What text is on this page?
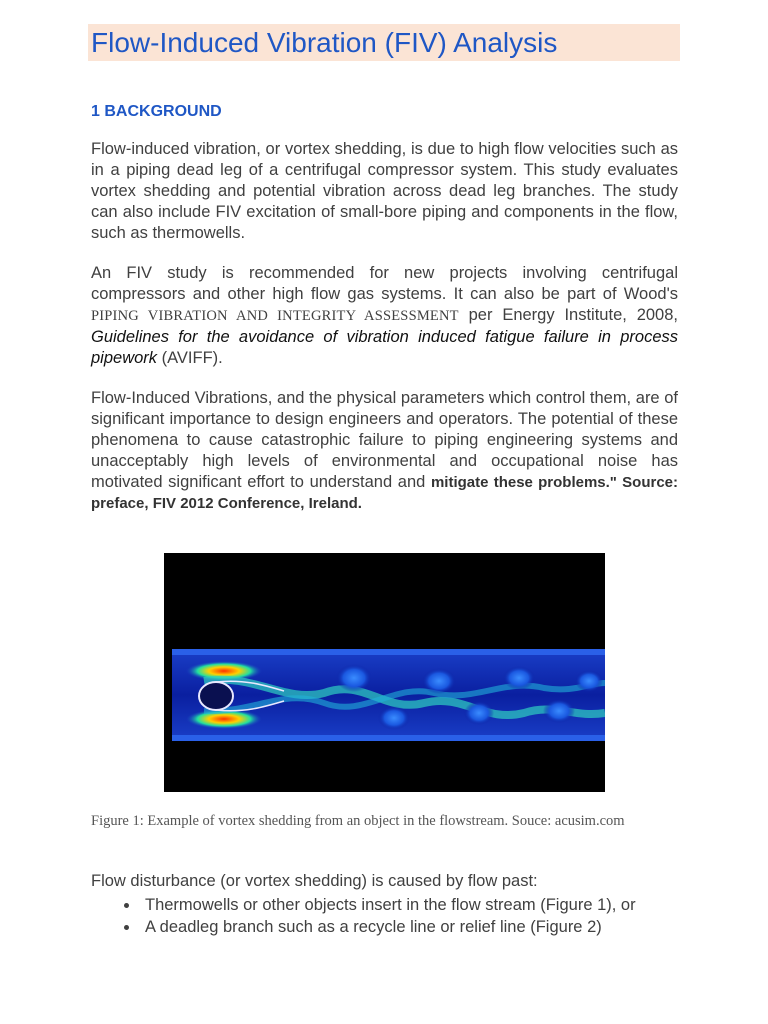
Flow-Induced Vibration (FIV) Analysis
1 BACKGROUND
Flow-induced vibration, or vortex shedding, is due to high flow velocities such as in a piping dead leg of a centrifugal compressor system. This study evaluates vortex shedding and potential vibration across dead leg branches. The study can also include FIV excitation of small-bore piping and components in the flow, such as thermowells.
An FIV study is recommended for new projects involving centrifugal compressors and other high flow gas systems. It can also be part of Wood's PIPING VIBRATION AND INTEGRITY ASSESSMENT per Energy Institute, 2008, Guidelines for the avoidance of vibration induced fatigue failure in process pipework (AVIFF).
Flow-Induced Vibrations, and the physical parameters which control them, are of significant importance to design engineers and operators. The potential of these phenomena to cause catastrophic failure to piping engineering systems and unacceptably high levels of environmental and occupational noise has motivated significant effort to understand and mitigate these problems." Source: preface, FIV 2012 Conference, Ireland.
Figure 1: Example of vortex shedding from an object in the flowstream. Souce: acusim.com
Flow disturbance (or vortex shedding) is caused by flow past:
Thermowells or other objects insert in the flow stream (Figure 1), or
A deadleg branch such as a recycle line or relief line (Figure 2)
